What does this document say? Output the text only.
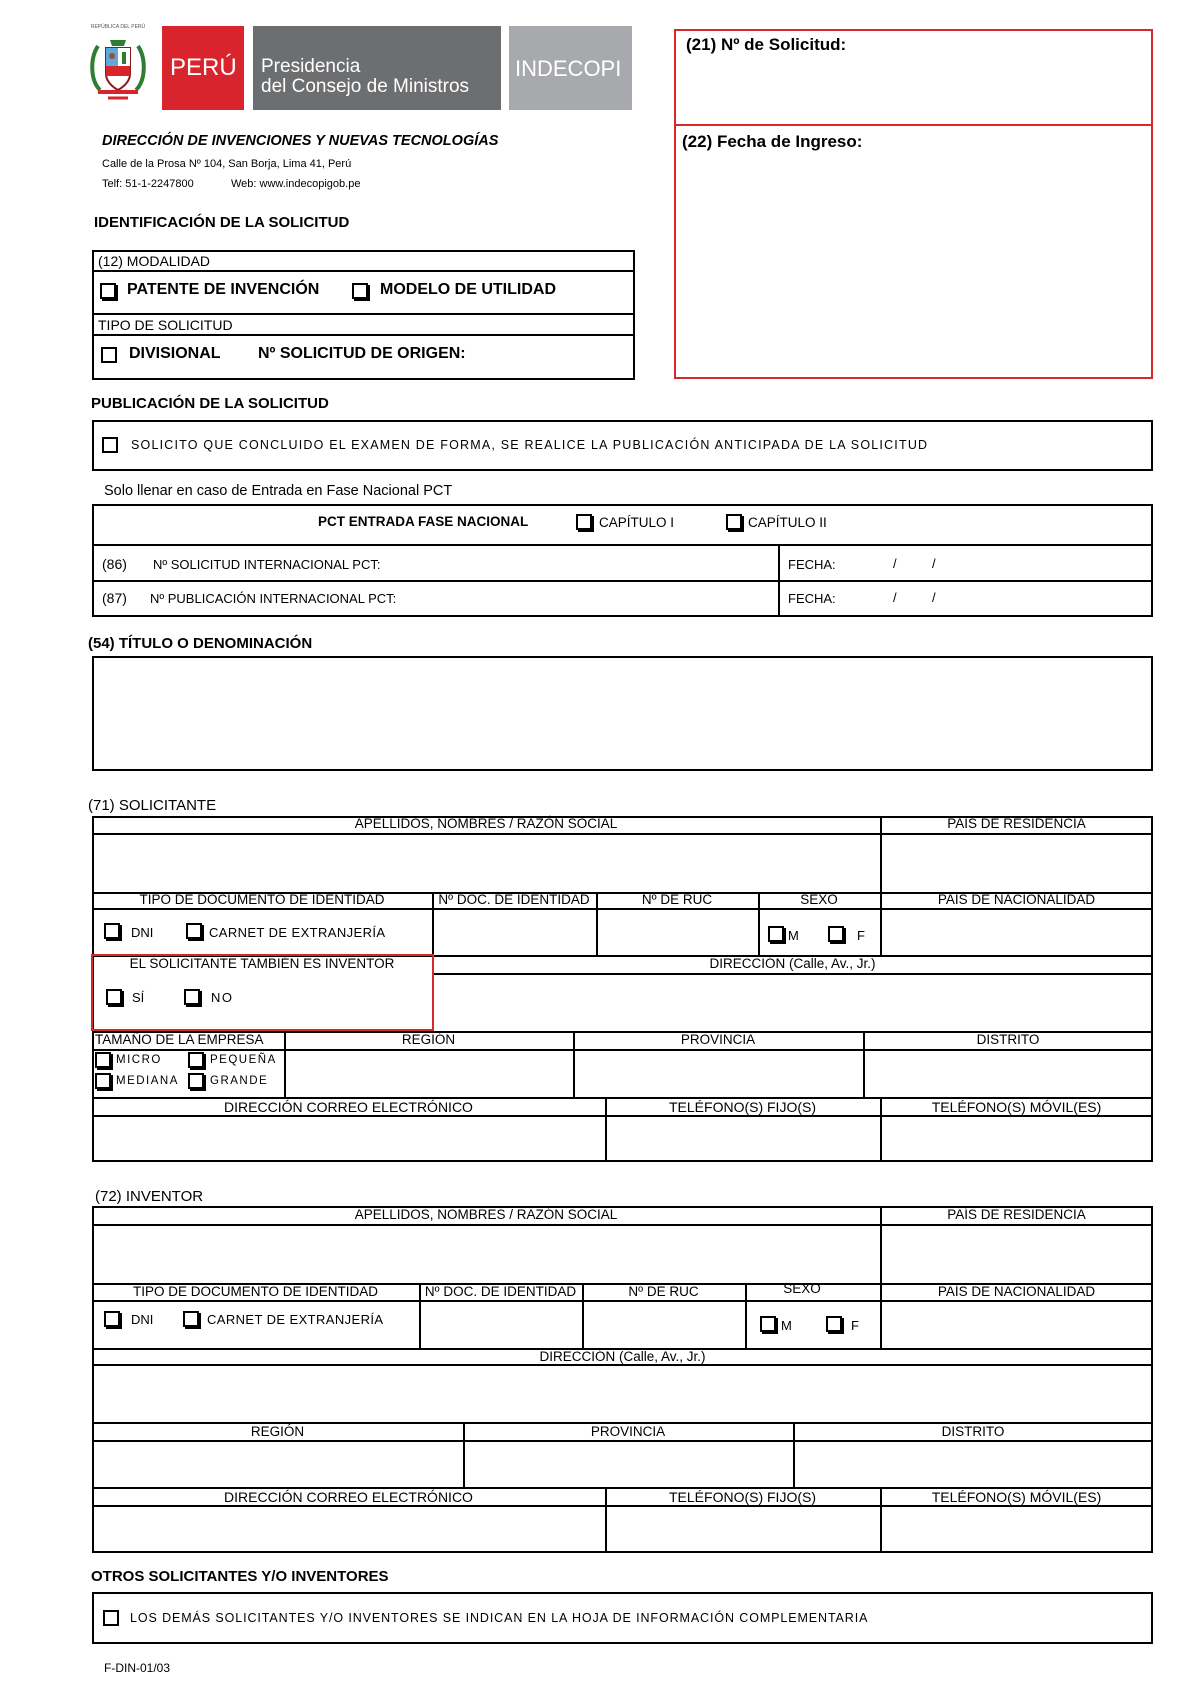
REPÚBLICA DEL PERÚ
PERÚ Presidencia
del Consejo de Ministros
INDECOPI
DIRECCIÓN DE INVENCIONES Y NUEVAS TECNOLOGÍAS
Calle de la Prosa Nº 104, San Borja, Lima 41, Perú
Telf: 51-1-2247800	Web: www.indecopigob.pe
(21) Nº de Solicitud:
(22) Fecha de Ingreso:
IDENTIFICACIÓN DE LA SOLICITUD
(12) MODALIDAD
PATENTE DE INVENCIÓN	MODELO DE UTILIDAD
TIPO DE SOLICITUD
DIVISIONAL Nº SOLICITUD DE ORIGEN:
PUBLICACIÓN DE LA SOLICITUD
SOLICITO QUE CONCLUIDO EL EXAMEN DE FORMA, SE REALICE LA PUBLICACIÓN ANTICIPADA DE LA SOLICITUD
Solo llenar en caso de Entrada en Fase Nacional PCT
PCT ENTRADA FASE NACIONAL	CAPÍTULO I	CAPÍTULO II
(86) Nº SOLICITUD INTERNACIONAL PCT:	FECHA:	/	/
(87) Nº PUBLICACIÓN INTERNACIONAL PCT:	FECHA:	/	/
(54) TÍTULO O DENOMINACIÓN
(71) SOLICITANTE
APELLIDOS, NOMBRES / RAZÓN SOCIAL	PAÍS DE RESIDENCIA
TIPO DE DOCUMENTO DE IDENTIDAD	Nº DOC. DE IDENTIDAD	Nº DE RUC	SEXO	PAÍS DE NACIONALIDAD
DNI	CARNET DE EXTRANJERÍA	M	F
EL SOLICITANTE TAMBIÉN ES INVENTOR	DIRECCIÓN (Calle, Av., Jr.)
SÍ	NO
TAMAÑO DE LA EMPRESA	REGIÓN	PROVINCIA	DISTRITO
MICRO	PEQUEÑA
MEDIANA	GRANDE
DIRECCIÓN CORREO ELECTRÓNICO	TELÉFONO(S) FIJO(S)	TELÉFONO(S) MÓVIL(ES)
(72) INVENTOR
APELLIDOS, NOMBRES / RAZÓN SOCIAL	PAÍS DE RESIDENCIA
TIPO DE DOCUMENTO DE IDENTIDAD	Nº DOC. DE IDENTIDAD	Nº DE RUC	SEXO	PAÍS DE NACIONALIDAD
DNI	CARNET DE EXTRANJERÍA	M	F
DIRECCIÓN (Calle, Av., Jr.)
REGIÓN	PROVINCIA	DISTRITO
DIRECCIÓN CORREO ELECTRÓNICO	TELÉFONO(S) FIJO(S)	TELÉFONO(S) MÓVIL(ES)
OTROS SOLICITANTES Y/O INVENTORES
LOS DEMÁS SOLICITANTES Y/O INVENTORES SE INDICAN EN LA HOJA DE INFORMACIÓN COMPLEMENTARIA
F-DIN-01/03
